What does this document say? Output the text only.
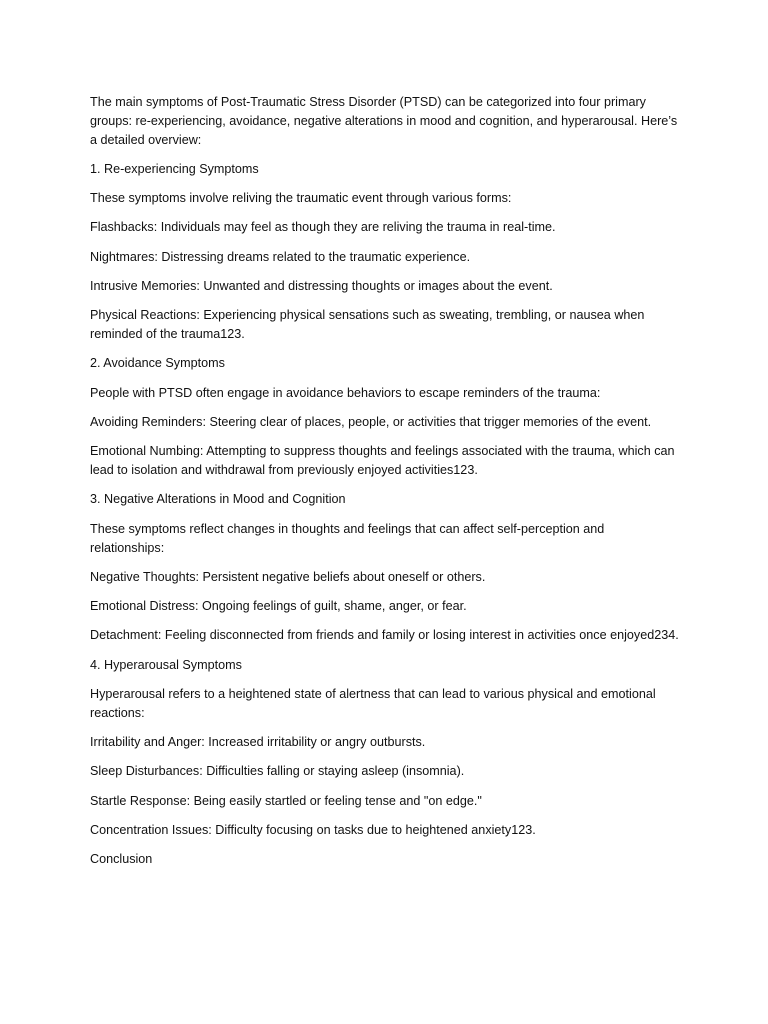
The main symptoms of Post-Traumatic Stress Disorder (PTSD) can be categorized into four primary groups: re-experiencing, avoidance, negative alterations in mood and cognition, and hyperarousal. Here’s a detailed overview:

1. Re-experiencing Symptoms

These symptoms involve reliving the traumatic event through various forms:

Flashbacks: Individuals may feel as though they are reliving the trauma in real-time.

Nightmares: Distressing dreams related to the traumatic experience.

Intrusive Memories: Unwanted and distressing thoughts or images about the event.

Physical Reactions: Experiencing physical sensations such as sweating, trembling, or nausea when reminded of the trauma123.

2. Avoidance Symptoms

People with PTSD often engage in avoidance behaviors to escape reminders of the trauma:

Avoiding Reminders: Steering clear of places, people, or activities that trigger memories of the event.

Emotional Numbing: Attempting to suppress thoughts and feelings associated with the trauma, which can lead to isolation and withdrawal from previously enjoyed activities123.

3. Negative Alterations in Mood and Cognition

These symptoms reflect changes in thoughts and feelings that can affect self-perception and relationships:

Negative Thoughts: Persistent negative beliefs about oneself or others.

Emotional Distress: Ongoing feelings of guilt, shame, anger, or fear.

Detachment: Feeling disconnected from friends and family or losing interest in activities once enjoyed234.

4. Hyperarousal Symptoms

Hyperarousal refers to a heightened state of alertness that can lead to various physical and emotional reactions:

Irritability and Anger: Increased irritability or angry outbursts.

Sleep Disturbances: Difficulties falling or staying asleep (insomnia).

Startle Response: Being easily startled or feeling tense and "on edge."

Concentration Issues: Difficulty focusing on tasks due to heightened anxiety123.

Conclusion
